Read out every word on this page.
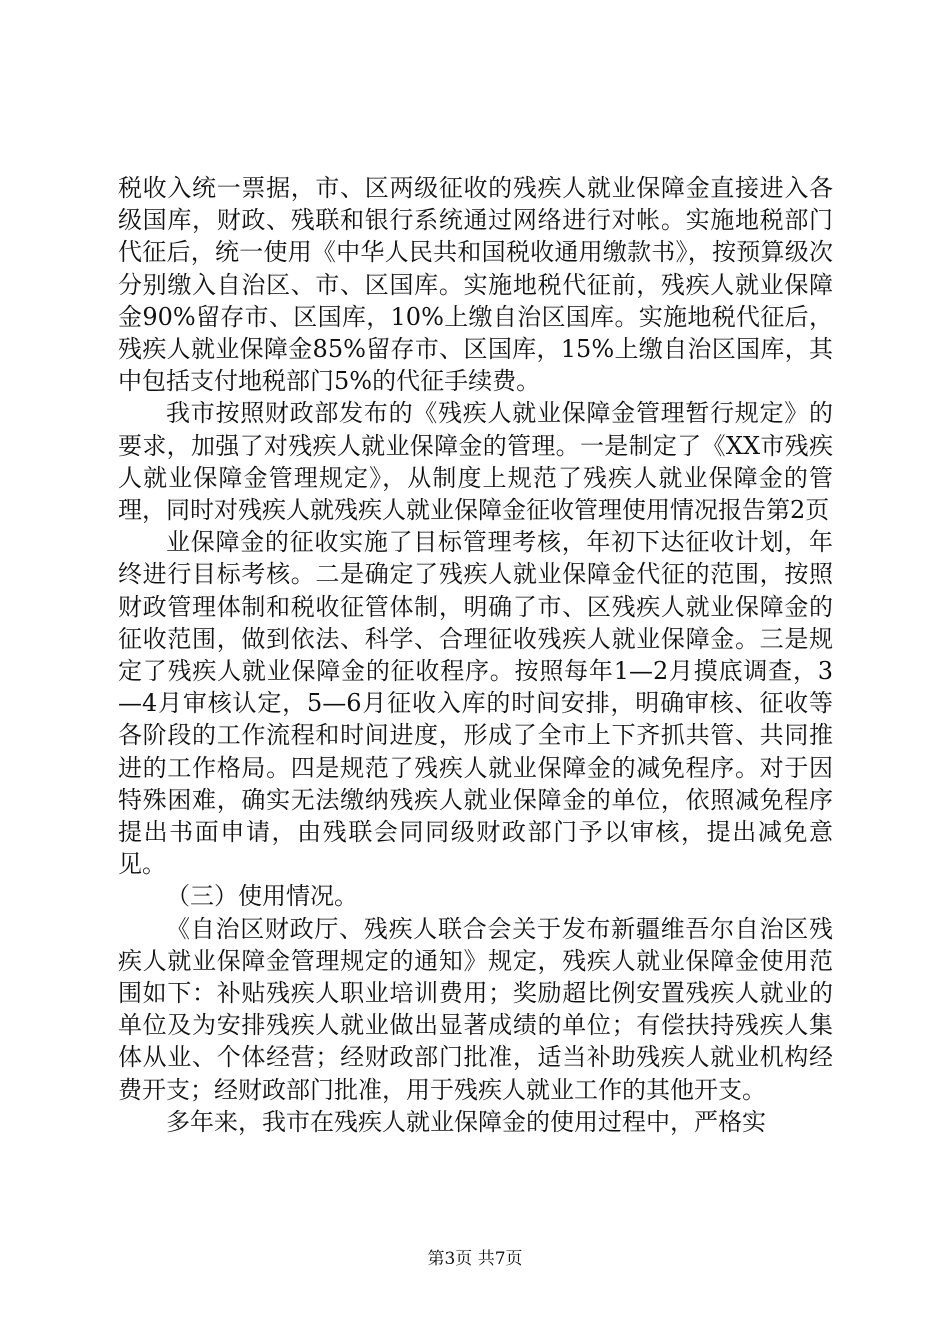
税收入统一票据，市、区两级征收的残疾人就业保障金直接进入各级国库，财政、残联和银行系统通过网络进行对帐。实施地税部门代征后，统一使用《中华人民共和国税收通用缴款书》，按预算级次分别缴入自治区、市、区国库。实施地税代征前，残疾人就业保障金90%留存市、区国库，10%上缴自治区国库。实施地税代征后，残疾人就业保障金85%留存市、区国库，15%上缴自治区国库，其中包括支付地税部门5%的代征手续费。

我市按照财政部发布的《残疾人就业保障金管理暂行规定》的要求，加强了对残疾人就业保障金的管理。一是制定了《XX市残疾人就业保障金管理规定》，从制度上规范了残疾人就业保障金的管理，同时对残疾人就残疾人就业保障金征收管理使用情况报告第2页

业保障金的征收实施了目标管理考核，年初下达征收计划，年终进行目标考核。二是确定了残疾人就业保障金代征的范围，按照财政管理体制和税收征管体制，明确了市、区残疾人就业保障金的征收范围，做到依法、科学、合理征收残疾人就业保障金。三是规定了残疾人就业保障金的征收程序。按照每年1—2月摸底调查，3—4月审核认定，5—6月征收入库的时间安排，明确审核、征收等各阶段的工作流程和时间进度，形成了全市上下齐抓共管、共同推进的工作格局。四是规范了残疾人就业保障金的减免程序。对于因特殊困难，确实无法缴纳残疾人就业保障金的单位，依照减免程序提出书面申请，由残联会同同级财政部门予以审核，提出减免意见。

（三）使用情况。

《自治区财政厅、残疾人联合会关于发布新疆维吾尔自治区残疾人就业保障金管理规定的通知》规定，残疾人就业保障金使用范围如下：补贴残疾人职业培训费用；奖励超比例安置残疾人就业的单位及为安排残疾人就业做出显著成绩的单位；有偿扶持残疾人集体从业、个体经营；经财政部门批准，适当补助残疾人就业机构经费开支；经财政部门批准，用于残疾人就业工作的其他开支。

多年来，我市在残疾人就业保障金的使用过程中，严格实

第3页 共7页
